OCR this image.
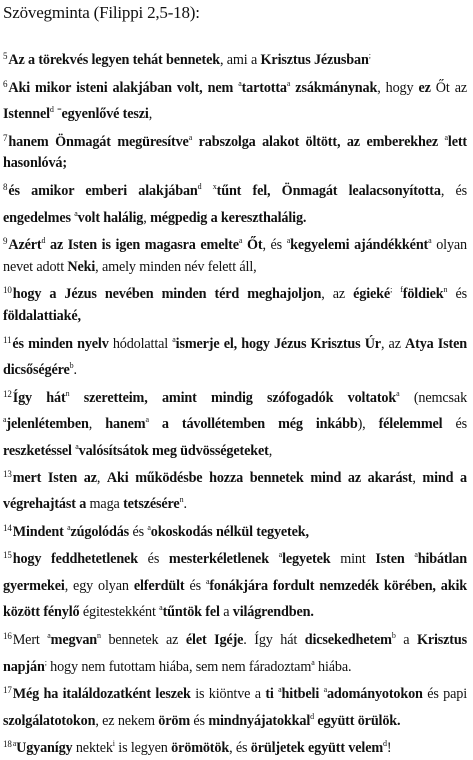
Szövegminta (Filippi 2,5-18):

$^5$Az a törekvés legyen tehát bennetek, ami a Krisztus Jézusban;

$^6$Aki mikor isteni alakjában volt, nem $^a$tartotta$^a$ zsákmánynak, hogy ez Őt az Istennel$^d$ =egyenlővé teszi,

$^7$hanem Önmagát megüresítve$^a$ rabszolga alakot öltött, az emberekhez $^a$lett hasonlóvá;

$^8$és amikor emberi alakjában$^d$ $^x$tűnt fel, Önmagát lealacsonyította, és engedelmes $^a$volt halálig, mégpedig a kereszthalálig.

$^9$Azért$^d$ az Isten is igen magasra emelte$^a$ Őt, és $^a$kegyelemi ajándékként$^a$ olyan nevet adott Neki, amely minden név felett áll,

$^{10}$hogy a Jézus nevében minden térd meghajoljon, az égieké; $^f$földiek$^n$ és földalattiaké,

$^{11}$és minden nyelv hódolattal $^a$ismerje el, hogy Jézus Krisztus Úr, az Atya Isten dicsőségére$^b$.

$^{12}$Így hát$^n$ szeretteim, amint mindig szófogadók voltatok$^a$ (nemcsak $^a$jelenlétemben, hanem$^a$ a távollétemben még inkább), félelemmel és reszketéssel $^a$valósítsátok meg üdvösségeteket,

$^{13}$mert Isten az, Aki működésbe hozza bennetek mind az akarást, mind a végrehajtást a maga tetszésére$^n$.

$^{14}$Mindent $^a$zúgolódás és $^a$okoskodás nélkül tegyetek,

$^{15}$hogy feddhetetlenek és mesterkéletlenek $^a$legyetek mint Isten $^a$hibátlan gyermekei, egy olyan elferdült és $^a$fonákjára fordult nemzedék körében, akik között fénylő égitestekként $^a$tűntök fel a világrendben.

$^{16}$Mert $^a$megvan$^n$ bennetek az élet Igéje. Így hát dicsekedhetem$^b$ a Krisztus napján; hogy nem futottam hiába, sem nem fáradoztam$^a$ hiába.

$^{17}$Még ha italáldozatként leszek is kiöntve a ti $^a$hitbeli $^a$adományotokon és papi szolgálatotokon, ez nekem öröm és mindnyájatokkal$^d$ együtt örülök.

$^{18a}$Ugyanígy nektek$^i$ is legyen örömötök, és örüljetek együtt velem$^d$!
